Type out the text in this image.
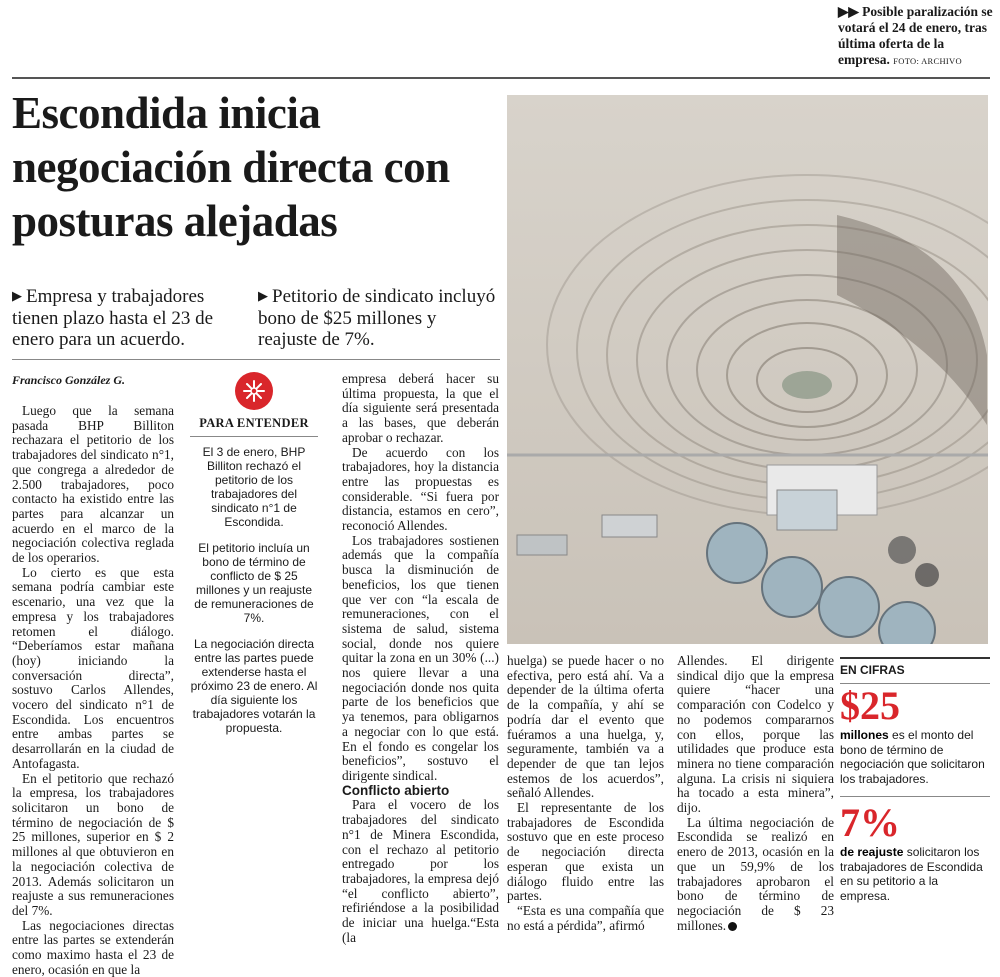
▶▶ Posible paralización se votará el 24 de enero, tras última oferta de la empresa. FOTO: ARCHIVO
Escondida inicia negociación directa con posturas alejadas
▶ Empresa y trabajadores tienen plazo hasta el 23 de enero para un acuerdo.
▶ Petitorio de sindicato incluyó bono de $25 millones y reajuste de 7%.
Francisco González G.

Luego que la semana pasada BHP Billiton rechazara el petitorio de los trabajadores del sindicato n°1, que congrega a alrededor de 2.500 trabajadores, poco contacto ha existido entre las partes para alcanzar un acuerdo en el marco de la negociación colectiva reglada de los operarios.

Lo cierto es que esta semana podría cambiar este escenario, una vez que la empresa y los trabajadores retomen el diálogo. “Deberíamos estar mañana (hoy) iniciando la conversación directa”, sostuvo Carlos Allendes, vocero del sindicato n°1 de Escondida. Los encuentros entre ambas partes se desarrollarán en la ciudad de Antofagasta.

En el petitorio que rechazó la empresa, los trabajadores solicitaron un bono de término de negociación de $ 25 millones, superior en $ 2 millones al que obtuvieron en la negociación colectiva de 2013. Además solicitaron un reajuste a sus remuneraciones del 7%.

Las negociaciones directas entre las partes se extenderán como maximo hasta el 23 de enero, ocasión en que la

PARA ENTENDER

El 3 de enero, BHP Billiton rechazó el petitorio de los trabajadores del sindicato n°1 de Escondida.

El petitorio incluía un bono de término de conflicto de $ 25 millones y un reajuste de remuneraciones de 7%.

La negociación directa entre las partes puede extenderse hasta el próximo 23 de enero. Al día siguiente los trabajadores votarán la propuesta.

empresa deberá hacer su última propuesta, la que el día siguiente será presentada a las bases, que deberán aprobar o rechazar.

De acuerdo con los trabajadores, hoy la distancia entre las propuestas es considerable. “Si fuera por distancia, estamos en cero”, reconoció Allendes.

Los trabajadores sostienen además que la compañía busca la disminución de beneficios, los que tienen que ver con “la escala de remuneraciones, con el sistema de salud, sistema social, donde nos quiere quitar la zona en un 30% (...) nos quiere llevar a una negociación donde nos quita parte de los beneficios que ya tenemos, para obligarnos a negociar con lo que está. En el fondo es congelar los beneficios”, sostuvo el dirigente sindical.

Conflicto abierto

Para el vocero de los trabajadores del sindicato n°1 de Minera Escondida, con el rechazo al petitorio entregado por los trabajadores, la empresa dejó “el conflicto abierto”, refiriéndose a la posibilidad de iniciar una huelga.“Esta (la

huelga) se puede hacer o no efectiva, pero está ahí. Va a depender de la última oferta de la compañía, y ahí se podría dar el evento que fuéramos a una huelga, y, seguramente, también va a depender de que tan lejos estemos de los acuerdos”, señaló Allendes.

El representante de los trabajadores de Escondida sostuvo que en este proceso de negociación directa esperan que exista un diálogo fluido entre las partes.

“Esta es una compañía que no está a pérdida”, afirmó

Allendes. El dirigente sindical dijo que la empresa quiere “hacer una comparación con Codelco y no podemos compararnos con ellos, porque las utilidades que produce esta minera no tiene comparación alguna. La crisis ni siquiera ha tocado a esta minera”, dijo.

La última negociación de Escondida se realizó en enero de 2013, ocasión en la que un 59,9% de los trabajadores aprobaron el bono de término de negociación de $ 23 millones.

EN CIFRAS
$25
millones es el monto del bono de término de negociación que solicitaron los trabajadores.
7%
de reajuste solicitaron los trabajadores de Escondida en su petitorio a la empresa.
